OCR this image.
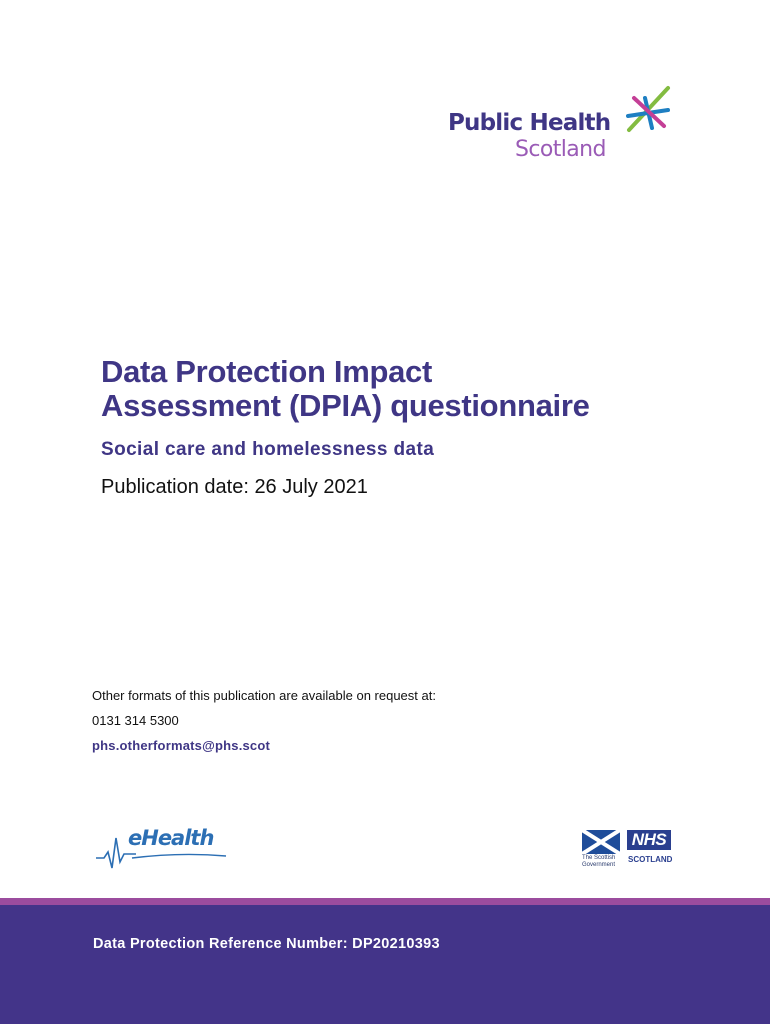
Public Health
Scotland
Data Protection Impact
Assessment (DPIA) questionnaire

Social care and homelessness data

Publication date: 26 July 2021

Other formats of this publication are available on request at:
0131 314 5300
phs.otherformats@phs.scot
eHealth
The Scottish
Government
NHS
SCOTLAND

Data Protection Reference Number: DP20210393
